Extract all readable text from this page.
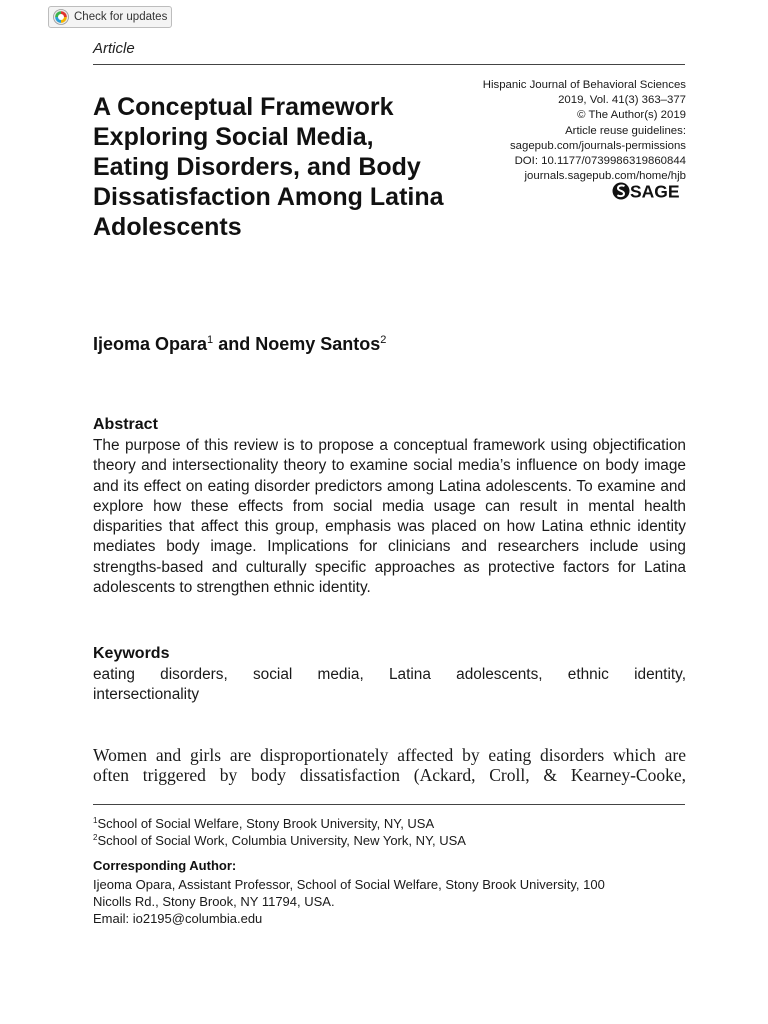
Check for updates
Article
A Conceptual Framework Exploring Social Media, Eating Disorders, and Body Dissatisfaction Among Latina Adolescents
Hispanic Journal of Behavioral Sciences
2019, Vol. 41(3) 363–377
© The Author(s) 2019
Article reuse guidelines:
sagepub.com/journals-permissions
DOI: 10.1177/0739986319860844
journals.sagepub.com/home/hjb
SAGE
Ijeoma Opara$^1$ and Noemy Santos$^2$
Abstract

The purpose of this review is to propose a conceptual framework using objectification theory and intersectionality theory to examine social media’s influence on body image and its effect on eating disorder predictors among Latina adolescents. To examine and explore how these effects from social media usage can result in mental health disparities that affect this group, emphasis was placed on how Latina ethnic identity mediates body image. Implications for clinicians and researchers include using strengths-based and culturally specific approaches as protective factors for Latina adolescents to strengthen ethnic identity.

Keywords

eating disorders, social media, Latina adolescents, ethnic identity, intersectionality

Women and girls are disproportionately affected by eating disorders which are
often triggered by body dissatisfaction (Ackard, Croll, & Kearney-Cooke,
$^1$School of Social Welfare, Stony Brook University, NY, USA
$^2$School of Social Work, Columbia University, New York, NY, USA
Corresponding Author:
Ijeoma Opara, Assistant Professor, School of Social Welfare, Stony Brook University, 100
Nicolls Rd., Stony Brook, NY 11794, USA.
Email: io2195@columbia.edu
